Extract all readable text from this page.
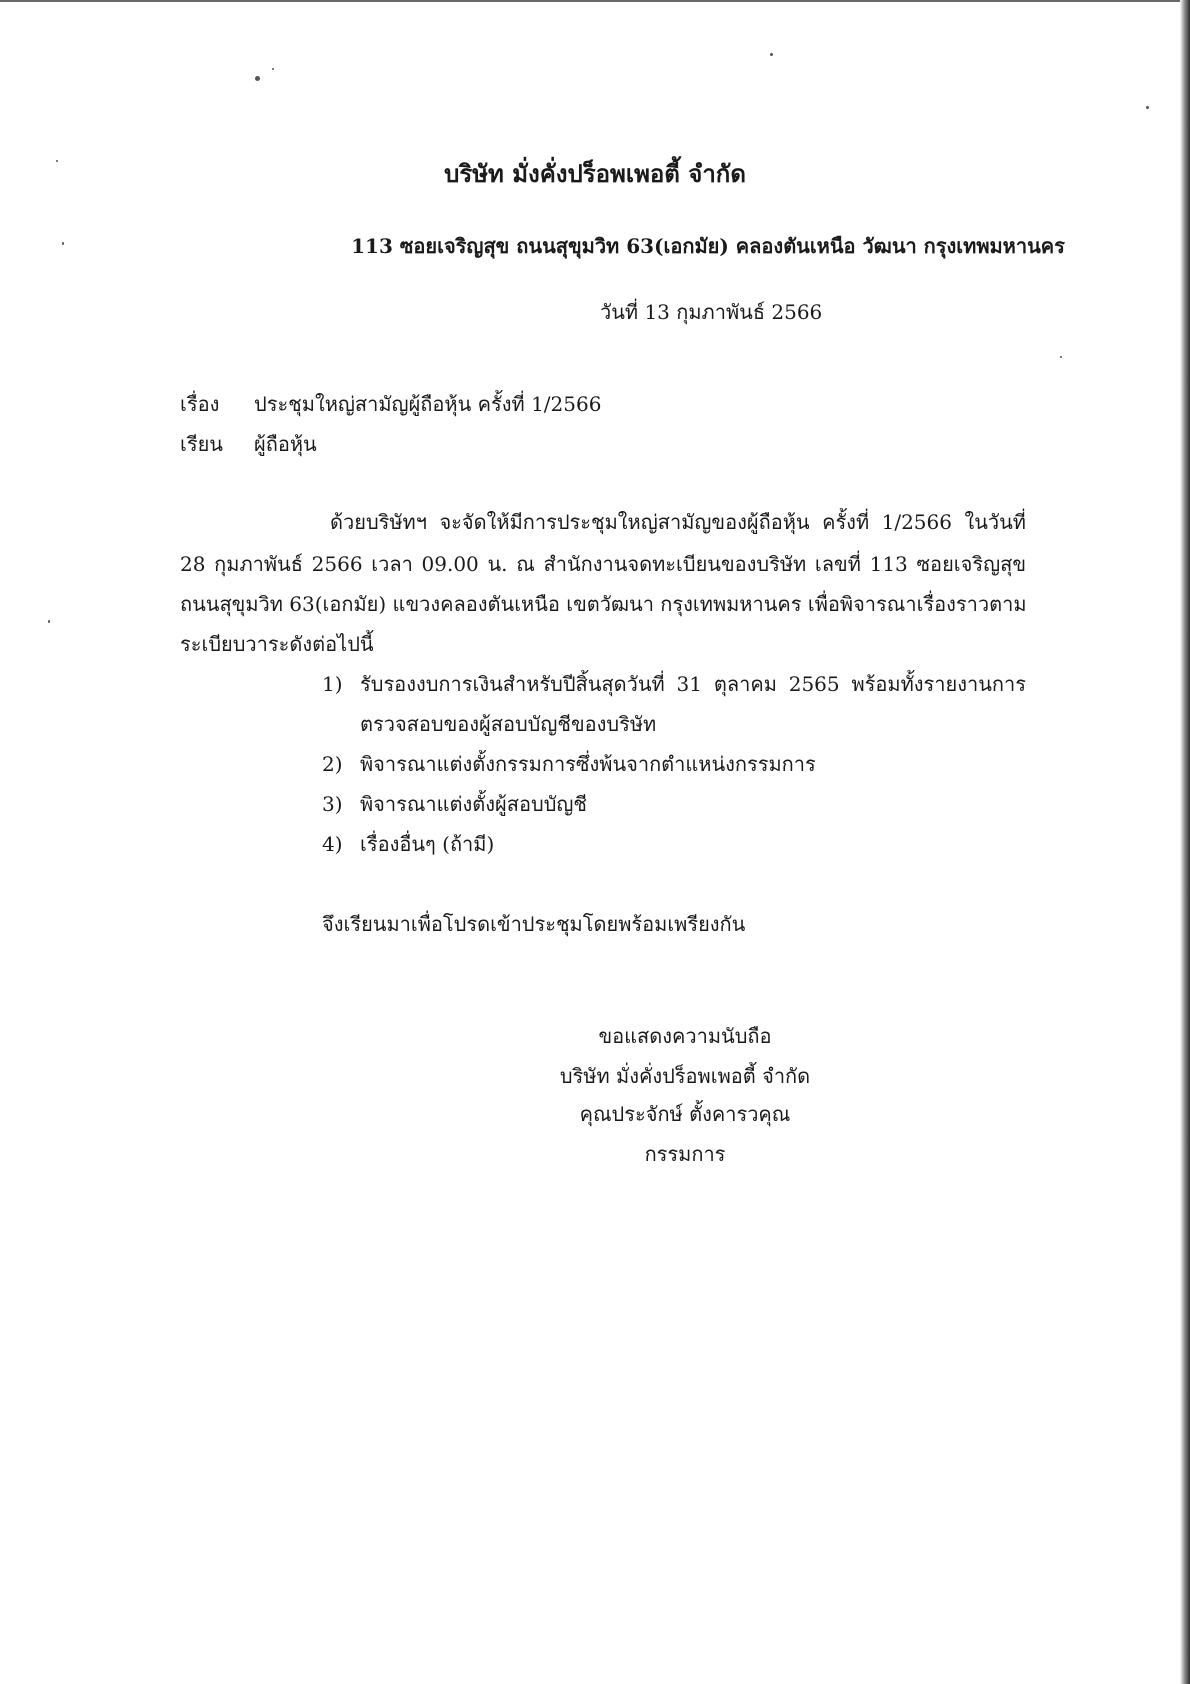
บริษัท มั่งคั่งปร็อพเพอตี้ จำกัด
113 ซอยเจริญสุข ถนนสุขุมวิท 63(เอกมัย) คลองตันเหนือ วัฒนา กรุงเทพมหานคร
วันที่ 13 กุมภาพันธ์ 2566
เรื่อง ประชุมใหญ่สามัญผู้ถือหุ้น ครั้งที่ 1/2566
เรียน ผู้ถือหุ้น
ด้วยบริษัทฯ จะจัดให้มีการประชุมใหญ่สามัญของผู้ถือหุ้น ครั้งที่ 1/2566 ในวันที่
28 กุมภาพันธ์ 2566 เวลา 09.00 น. ณ สำนักงานจดทะเบียนของบริษัท เลขที่ 113 ซอยเจริญสุข
ถนนสุขุมวิท 63(เอกมัย) แขวงคลองตันเหนือ เขตวัฒนา กรุงเทพมหานคร เพื่อพิจารณาเรื่องราวตาม
ระเบียบวาระดังต่อไปนี้
1) รับรองงบการเงินสำหรับปีสิ้นสุดวันที่ 31 ตุลาคม 2565 พร้อมทั้งรายงานการ
ตรวจสอบของผู้สอบบัญชีของบริษัท
2) พิจารณาแต่งตั้งกรรมการซึ่งพ้นจากตำแหน่งกรรมการ
3) พิจารณาแต่งตั้งผู้สอบบัญชี
4) เรื่องอื่นๆ (ถ้ามี)
จึงเรียนมาเพื่อโปรดเข้าประชุมโดยพร้อมเพรียงกัน
ขอแสดงความนับถือ
บริษัท มั่งคั่งปร็อพเพอตี้ จำกัด
คุณประจักษ์ ตั้งคารวคุณ
กรรมการ
